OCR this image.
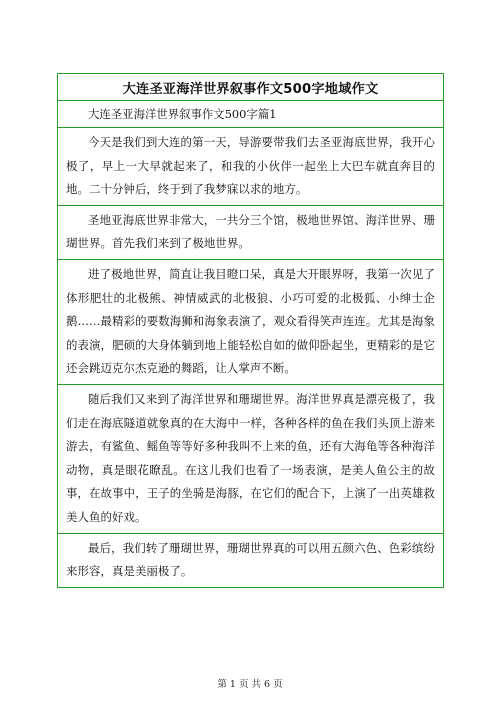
大连圣亚海洋世界叙事作文500字地域作文
大连圣亚海洋世界叙事作文500字篇1

今天是我们到大连的第一天，导游要带我们去圣亚海底世界，我开心极了，早上一大早就起来了，和我的小伙伴一起坐上大巴车就直奔目的地。二十分钟后，终于到了我梦寐以求的地方。

圣地亚海底世界非常大，一共分三个馆，极地世界馆、海洋世界、珊瑚世界。首先我们来到了极地世界。

进了极地世界，简直让我目瞪口呆，真是大开眼界呀，我第一次见了体形肥壮的北极熊、神情威武的北极狼、小巧可爱的北极狐、小绅士企鹅……最精彩的要数海狮和海象表演了，观众看得笑声连连。尤其是海象的表演，肥硕的大身体躺到地上能轻松自如的做仰卧起坐，更精彩的是它还会跳迈克尔杰克逊的舞蹈，让人掌声不断。

随后我们又来到了海洋世界和珊瑚世界。海洋世界真是漂亮极了，我们走在海底隧道就象真的在大海中一样，各种各样的鱼在我们头顶上游来游去，有鲨鱼、鳐鱼等等好多种我叫不上来的鱼，还有大海龟等各种海洋动物，真是眼花瞭乱。在这儿我们也看了一场表演，是美人鱼公主的故事，在故事中，王子的坐骑是海豚，在它们的配合下，上演了一出英雄救美人鱼的好戏。

最后，我们转了珊瑚世界，珊瑚世界真的可以用五颜六色、色彩缤纷来形容，真是美丽极了。

第 1 页 共 6 页
